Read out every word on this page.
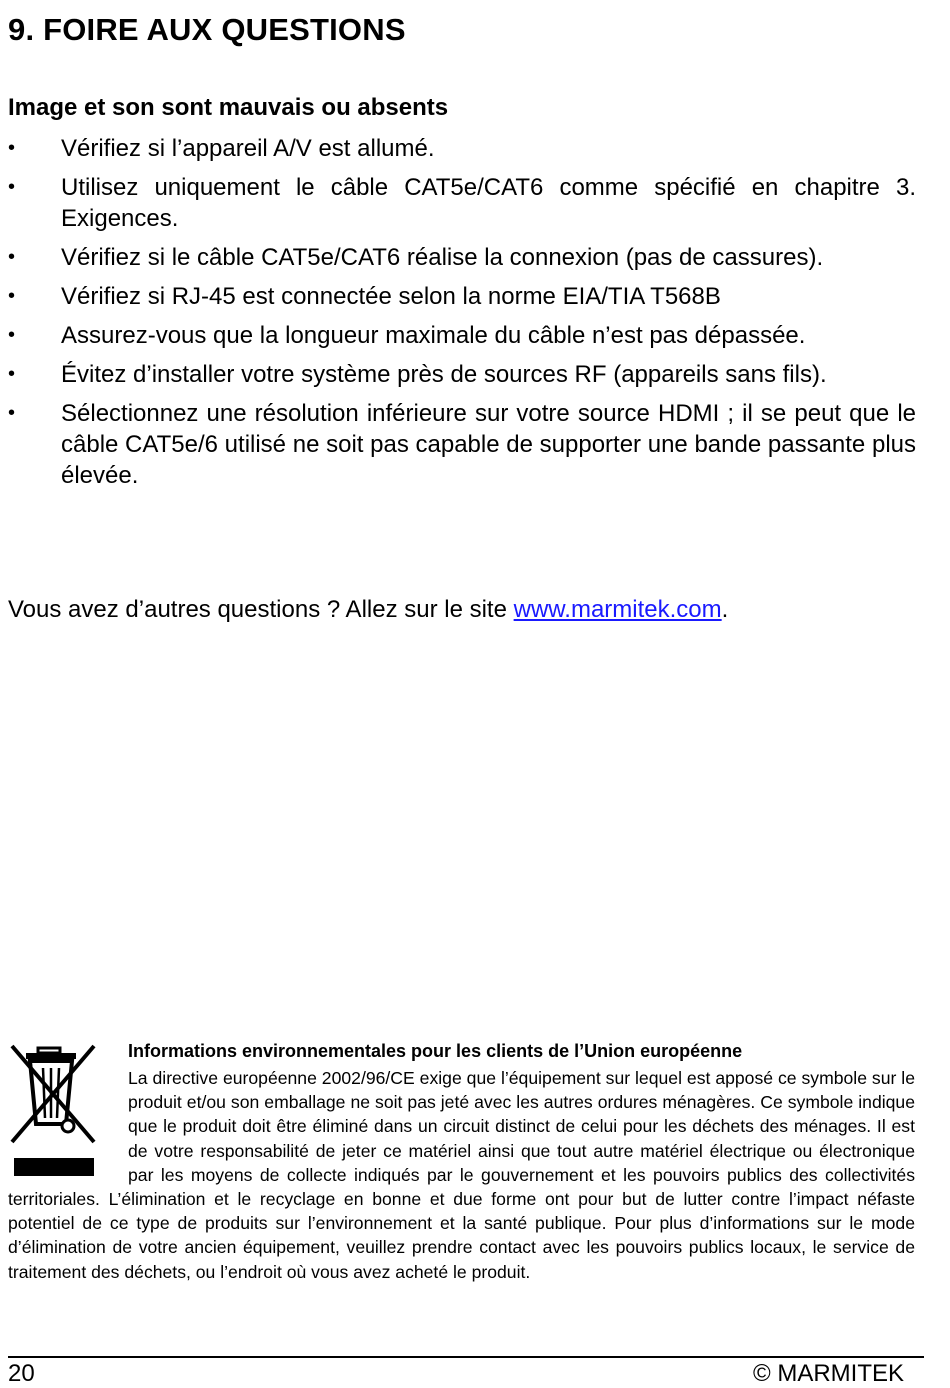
9. FOIRE AUX QUESTIONS
Image et son sont mauvais ou absents
•	Vérifiez si l’appareil A/V est allumé.
•	Utilisez uniquement le câble CAT5e/CAT6 comme spécifié en chapitre 3. Exigences.
•	Vérifiez si le câble CAT5e/CAT6 réalise la connexion (pas de cassures).
•	Vérifiez si RJ-45 est connectée selon la norme EIA/TIA T568B
•	Assurez-vous que la longueur maximale du câble n’est pas dépassée.
•	Évitez d’installer votre système près de sources RF (appareils sans fils).
•	Sélectionnez une résolution inférieure sur votre source HDMI ; il se peut que le câble CAT5e/6 utilisé ne soit pas capable de supporter une bande passante plus élevée.

Vous avez d’autres questions ? Allez sur le site www.marmitek.com.

Informations environnementales pour les clients de l’Union européenne

La directive européenne 2002/96/CE exige que l’équipement sur lequel est apposé ce symbole sur le produit et/ou son emballage ne soit pas jeté avec les autres ordures ménagères. Ce symbole indique que le produit doit être éliminé dans un circuit distinct de celui pour les déchets des ménages. Il est de votre responsabilité de jeter ce matériel ainsi que tout autre matériel électrique ou électronique par les moyens de collecte indiqués par le gouvernement et les pouvoirs publics des collectivités territoriales. L’élimination et le recyclage en bonne et due forme ont pour but de lutter contre l’impact néfaste potentiel de ce type de produits sur l’environnement et la santé publique. Pour plus d’informations sur le mode d’élimination de votre ancien équipement, veuillez prendre contact avec les pouvoirs publics locaux, le service de traitement des déchets, ou l’endroit où vous avez acheté le produit.

20	© MARMITEK
